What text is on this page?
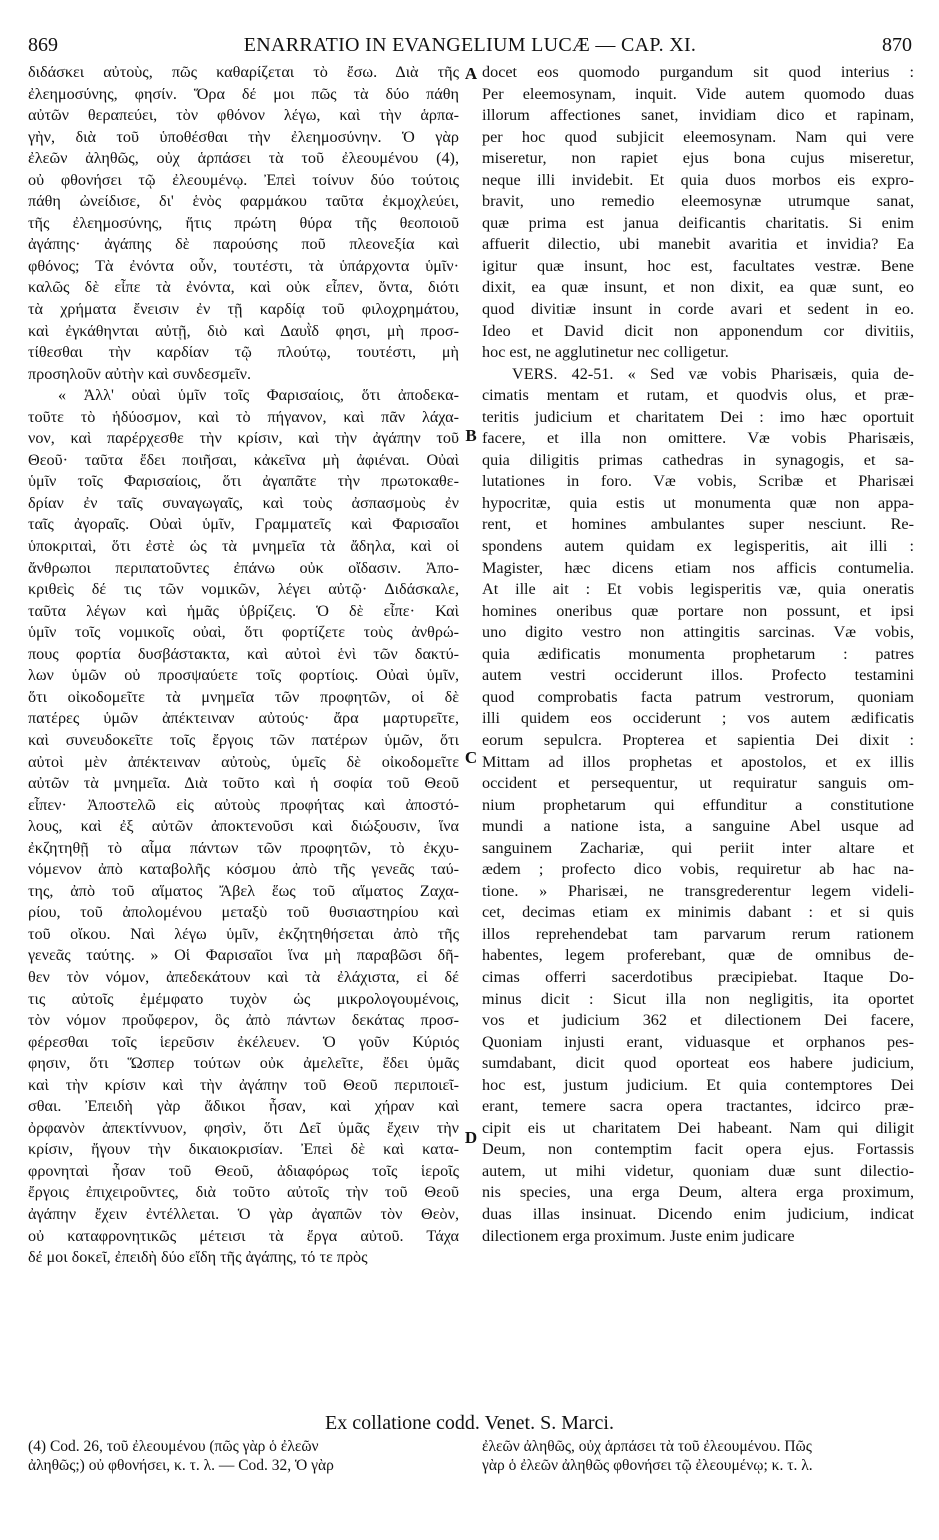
869	ENARRATIO IN EVANGELIUM LUCÆ — CAP. XI.	870
διδάσκει αὐτοὺς, πῶς καθαρίζεται τὸ ἔσω. Διὰ τῆς
ἐλεημοσύνης, φησίν. Ὅρα δέ μοι πῶς τὰ δύο πάθη
αὐτῶν θεραπεύει, τὸν φθόνον λέγω, καὶ τὴν ἁρπα-
γὴν, διὰ τοῦ ὑποθέσθαι τὴν ἐλεημοσύνην. Ὁ γὰρ
ἐλεῶν ἀληθῶς, οὐχ ἁρπάσει τὰ τοῦ ἐλεουμένου (4),
οὐ φθονήσει τῷ ἐλεουμένῳ. Ἐπεὶ τοίνυν δύο τούτοις
πάθη ὠνείδισε, δι' ἑνὸς φαρμάκου ταῦτα ἐκμοχλεύει,
τῆς ἐλεημοσύνης, ἥτις πρώτη θύρα τῆς θεοποιοῦ
ἀγάπης· ἀγάπης δὲ παρούσης ποῦ πλεονεξία καὶ
φθόνος; Τὰ ἐνόντα οὖν, τουτέστι, τὰ ὑπάρχοντα ὑμῖν·
καλῶς δὲ εἶπε τὰ ἐνόντα, καὶ οὐκ εἶπεν, ὄντα, διότι
τὰ χρήματα ἔνεισιν ἐν τῇ καρδίᾳ τοῦ φιλοχρημάτου,
καὶ ἐγκάθηνται αὐτῇ, διὸ καὶ Δαυῒδ φησι, μὴ προσ-
τίθεσθαι τὴν καρδίαν τῷ πλούτῳ, τουτέστι, μὴ
προσηλοῦν αὐτὴν καὶ συνδεσμεῖν.
« Ἀλλ' οὐαὶ ὑμῖν τοῖς Φαρισαίοις, ὅτι ἀποδεκα-
τοῦτε τὸ ἡδύοσμον, καὶ τὸ πήγανον, καὶ πᾶν λάχα-
νον, καὶ παρέρχεσθε τὴν κρίσιν, καὶ τὴν ἀγάπην τοῦ
Θεοῦ· ταῦτα ἔδει ποιῆσαι, κἀκεῖνα μὴ ἀφιέναι. Οὐαὶ
ὑμῖν τοῖς Φαρισαίοις, ὅτι ἀγαπᾶτε τὴν πρωτοκαθε-
δρίαν ἐν ταῖς συναγωγαῖς, καὶ τοὺς ἀσπασμοὺς ἐν
ταῖς ἀγοραῖς. Οὐαὶ ὑμῖν, Γραμματεῖς καὶ Φαρισαῖοι
ὑποκριταὶ, ὅτι ἐστὲ ὡς τὰ μνημεῖα τὰ ἄδηλα, καὶ οἱ
ἄνθρωποι περιπατοῦντες ἐπάνω οὐκ οἴδασιν. Ἀπο-
κριθεὶς δέ τις τῶν νομικῶν, λέγει αὐτῷ· Διδάσκαλε,
ταῦτα λέγων καὶ ἡμᾶς ὑβρίζεις. Ὁ δὲ εἶπε· Καὶ
ὑμῖν τοῖς νομικοῖς οὐαὶ, ὅτι φορτίζετε τοὺς ἀνθρώ-
πους φορτία δυσβάστακτα, καὶ αὐτοὶ ἑνὶ τῶν δακτύ-
λων ὑμῶν οὐ προσψαύετε τοῖς φορτίοις. Οὐαὶ ὑμῖν,
ὅτι οἰκοδομεῖτε τὰ μνημεῖα τῶν προφητῶν, οἱ δὲ
πατέρες ὑμῶν ἀπέκτειναν αὐτούς· ἄρα μαρτυρεῖτε,
καὶ συνευδοκεῖτε τοῖς ἔργοις τῶν πατέρων ὑμῶν, ὅτι
αὐτοὶ μὲν ἀπέκτειναν αὐτοὺς, ὑμεῖς δὲ οἰκοδομεῖτε
αὐτῶν τὰ μνημεῖα. Διὰ τοῦτο καὶ ἡ σοφία τοῦ Θεοῦ
εἶπεν· Ἀποστελῶ εἰς αὐτοὺς προφήτας καὶ ἀποστό-
λους, καὶ ἐξ αὐτῶν ἀποκτενοῦσι καὶ διώξουσιν, ἵνα
ἐκζητηθῇ τὸ αἷμα πάντων τῶν προφητῶν, τὸ ἐκχυ-
νόμενον ἀπὸ καταβολῆς κόσμου ἀπὸ τῆς γενεᾶς ταύ-
της, ἀπὸ τοῦ αἵματος Ἄβελ ἕως τοῦ αἵματος Ζαχα-
ρίου, τοῦ ἀπολομένου μεταξὺ τοῦ θυσιαστηρίου καὶ
τοῦ οἴκου. Ναὶ λέγω ὑμῖν, ἐκζητηθήσεται ἀπὸ τῆς
γενεᾶς ταύτης. » Οἱ Φαρισαῖοι ἵνα μὴ παραβῶσι δῆ-
θεν τὸν νόμον, ἀπεδεκάτουν καὶ τὰ ἐλάχιστα, εἰ δέ
τις αὐτοῖς ἐμέμφατο τυχὸν ὡς μικρολογουμένοις,
τὸν νόμον προὔφερον, ὃς ἀπὸ πάντων δεκάτας προσ-
φέρεσθαι τοῖς ἱερεῦσιν ἐκέλευεν. Ὁ γοῦν Κύριός
φησιν, ὅτι Ὥσπερ τούτων οὐκ ἀμελεῖτε, ἔδει ὑμᾶς
καὶ τὴν κρίσιν καὶ τὴν ἀγάπην τοῦ Θεοῦ περιποιεῖ-
σθαι. Ἐπειδὴ γὰρ ἄδικοι ἦσαν, καὶ χήραν καὶ
ὀρφανὸν ἀπεκτίννυον, φησὶν, ὅτι Δεῖ ὑμᾶς ἔχειν τὴν
κρίσιν, ἤγουν τὴν δικαιοκρισίαν. Ἐπεὶ δὲ καὶ κατα-
φρονηταὶ ἦσαν τοῦ Θεοῦ, ἀδιαφόρως τοῖς ἱεροῖς
ἔργοις ἐπιχειροῦντες, διὰ τοῦτο αὐτοῖς τὴν τοῦ Θεοῦ
ἀγάπην ἔχειν ἐντέλλεται. Ὁ γὰρ ἀγαπῶν τὸν Θεὸν,
οὐ καταφρονητικῶς μέτεισι τὰ ἔργα αὐτοῦ. Τάχα
δέ μοι δοκεῖ, ἐπειδὴ δύο εἴδη τῆς ἀγάπης, τό τε πρὸς
docet eos quomodo purgandum sit quod interius :
Per eleemosynam, inquit. Vide autem quomodo duas
illorum affectiones sanet, invidiam dico et rapinam,
per hoc quod subjicit eleemosynam. Nam qui vere
miseretur, non rapiet ejus bona cujus miseretur,
neque illi invidebit. Et quia duos morbos eis expro-
bravit, uno remedio eleemosynæ utrumque sanat,
quæ prima est janua deificantis charitatis. Si enim
affuerit dilectio, ubi manebit avaritia et invidia? Ea
igitur quæ insunt, hoc est, facultates vestræ. Bene
dixit, ea quæ insunt, et non dixit, ea quæ sunt, eo
quod divitiæ insunt in corde avari et sedent in eo.
Ideo et David dicit non apponendum cor divitiis,
hoc est, ne agglutinetur nec colligetur.
VERS. 42-51. « Sed væ vobis Pharisæis, quia de-
cimatis mentam et rutam, et quodvis olus, et præ-
teritis judicium et charitatem Dei : imo hæc oportuit
facere, et illa non omittere. Væ vobis Pharisæis,
quia diligitis primas cathedras in synagogis, et sa-
lutationes in foro. Væ vobis, Scribæ et Pharisæi
hypocritæ, quia estis ut monumenta quæ non appa-
rent, et homines ambulantes super nesciunt. Re-
spondens autem quidam ex legisperitis, ait illi :
Magister, hæc dicens etiam nos afficis contumelia.
At ille ait : Et vobis legisperitis væ, quia oneratis
homines oneribus quæ portare non possunt, et ipsi
uno digito vestro non attingitis sarcinas. Væ vobis,
quia ædificatis monumenta prophetarum : patres
autem vestri occiderunt illos. Profecto testamini
quod comprobatis facta patrum vestrorum, quoniam
illi quidem eos occiderunt ; vos autem ædificatis
eorum sepulcra. Propterea et sapientia Dei dixit :
Mittam ad illos prophetas et apostolos, et ex illis
occident et persequentur, ut requiratur sanguis om-
nium prophetarum qui effunditur a constitutione
mundi a natione ista, a sanguine Abel usque ad
sanguinem Zachariæ, qui periit inter altare et
ædem ; profecto dico vobis, requiretur ab hac na-
tione. » Pharisæi, ne transgrederentur legem videli-
cet, decimas etiam ex minimis dabant : et si quis
illos reprehendebat tam parvarum rerum rationem
habentes, legem proferebant, quæ de omnibus de-
cimas offerri sacerdotibus præcipiebat. Itaque Do-
minus dicit : Sicut illa non negligitis, ita oportet
vos et judicium 362 et dilectionem Dei facere,
Quoniam injusti erant, viduasque et orphanos pes-
sumdabant, dicit quod oporteat eos habere judicium,
hoc est, justum judicium. Et quia contemptores Dei
erant, temere sacra opera tractantes, idcirco præ-
cipit eis ut charitatem Dei habeant. Nam qui diligit
Deum, non contemptim facit opera ejus. Fortassis
autem, ut mihi videtur, quoniam duæ sunt dilectio-
nis species, una erga Deum, altera erga proximum,
duas illas insinuat. Dicendo enim judicium, indicat
dilectionem erga proximum. Juste enim judicare
A
B
C
D
Ex collatione codd. Venet. S. Marci.
(4) Cod. 26, τοῦ ἐλεουμένου (πῶς γὰρ ὁ ἐλεῶν
ἀληθῶς;) οὐ φθονήσει, κ. τ. λ. — Cod. 32, Ὁ γὰρ
ἐλεῶν ἀληθῶς, οὐχ ἁρπάσει τὰ τοῦ ἐλεουμένου. Πῶς
γὰρ ὁ ἐλεῶν ἀληθῶς φθονήσει τῷ ἐλεουμένῳ; κ. τ. λ.
